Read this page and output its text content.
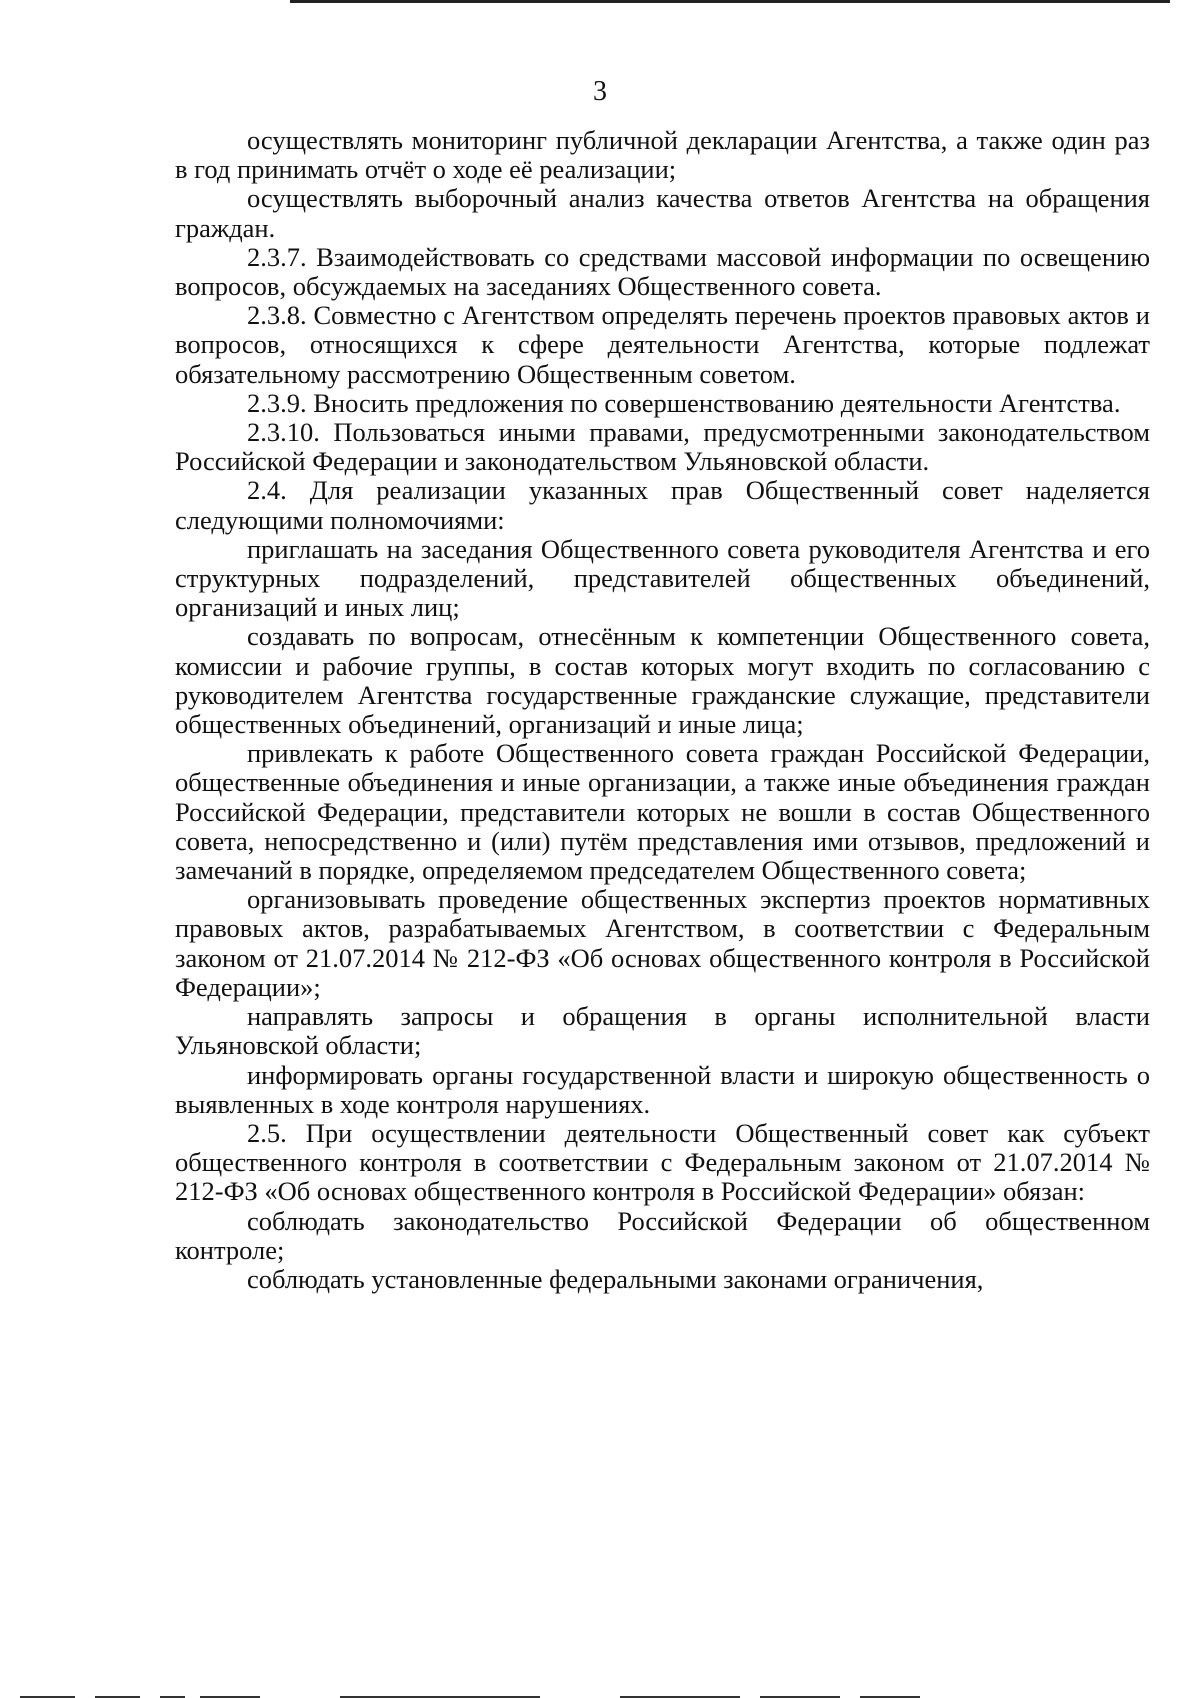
3

осуществлять мониторинг публичной декларации Агентства, а также один раз в год принимать отчёт о ходе её реализации;

осуществлять выборочный анализ качества ответов Агентства на обращения граждан.

2.3.7. Взаимодействовать со средствами массовой информации по освещению вопросов, обсуждаемых на заседаниях Общественного совета.

2.3.8. Совместно с Агентством определять перечень проектов правовых актов и вопросов, относящихся к сфере деятельности Агентства, которые подлежат обязательному рассмотрению Общественным советом.

2.3.9. Вносить предложения по совершенствованию деятельности Агентства.

2.3.10. Пользоваться иными правами, предусмотренными законодательством Российской Федерации и законодательством Ульяновской области.

2.4. Для реализации указанных прав Общественный совет наделяется следующими полномочиями:

приглашать на заседания Общественного совета руководителя Агентства и его структурных подразделений, представителей общественных объединений, организаций и иных лиц;

создавать по вопросам, отнесённым к компетенции Общественного совета, комиссии и рабочие группы, в состав которых могут входить по согласованию с руководителем Агентства государственные гражданские служащие, представители общественных объединений, организаций и иные лица;

привлекать к работе Общественного совета граждан Российской Федерации, общественные объединения и иные организации, а также иные объединения граждан Российской Федерации, представители которых не вошли в состав Общественного совета, непосредственно и (или) путём представления ими отзывов, предложений и замечаний в порядке, определяемом председателем Общественного совета;

организовывать проведение общественных экспертиз проектов нормативных правовых актов, разрабатываемых Агентством, в соответствии с Федеральным законом от 21.07.2014 № 212-ФЗ «Об основах общественного контроля в Российской Федерации»;

направлять запросы и обращения в органы исполнительной власти Ульяновской области;

информировать органы государственной власти и широкую общественность о выявленных в ходе контроля нарушениях.

2.5. При осуществлении деятельности Общественный совет как субъект общественного контроля в соответствии с Федеральным законом от 21.07.2014 № 212-ФЗ «Об основах общественного контроля в Российской Федерации» обязан:

соблюдать законодательство Российской Федерации об общественном контроле;

соблюдать установленные федеральными законами ограничения,
